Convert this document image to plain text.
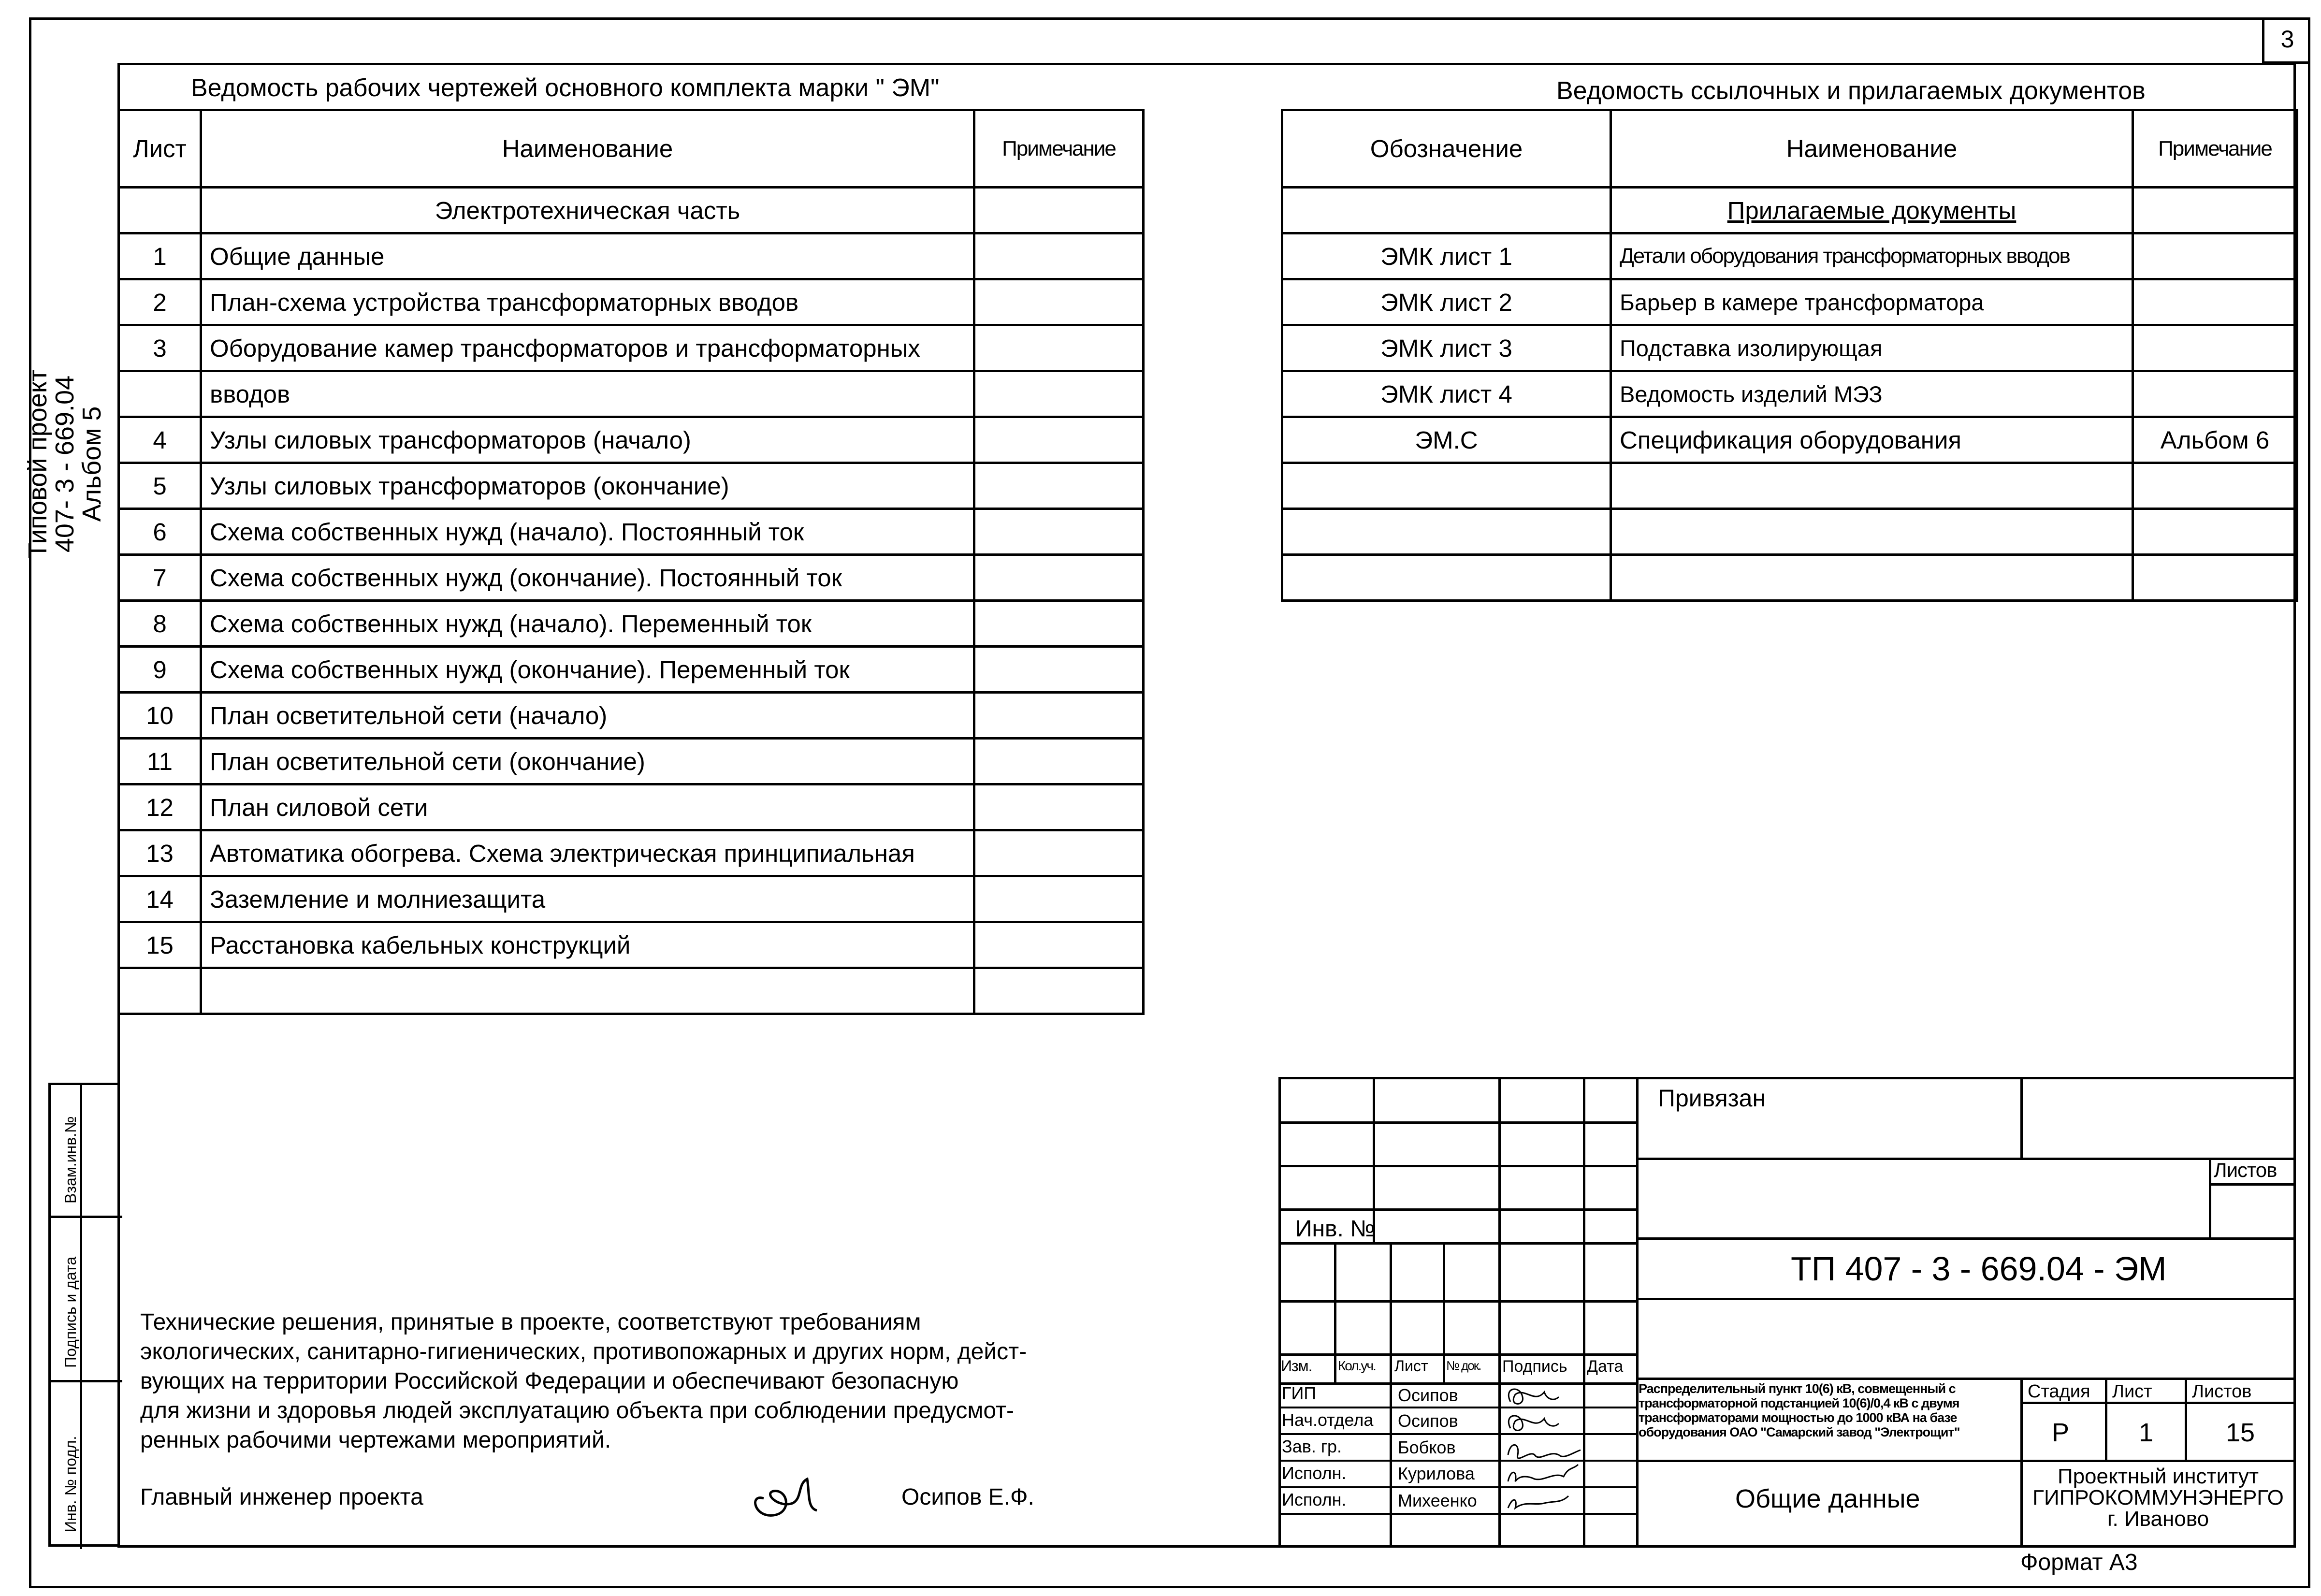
3
Типовой проект
407- 3 - 669.04
Альбом 5
Взам.инв.№
Подпись и дата
Инв. № подл.
Ведомость рабочих чертежей основного комплекта марки " ЭМ"
Лист	Наименование	Примечание
	Электротехническая часть	
1	Общие данные	
2	План-схема устройства трансформаторных вводов	
3	Оборудование камер трансформаторов и трансформаторных	
	вводов	
4	Узлы силовых трансформаторов (начало)	
5	Узлы силовых трансформаторов (окончание)	
6	Схема собственных нужд (начало). Постоянный ток	
7	Схема собственных нужд (окончание). Постоянный ток	
8	Схема собственных нужд (начало). Переменный ток	
9	Схема собственных нужд (окончание). Переменный ток	
10	План осветительной сети (начало)	
11	План осветительной сети (окончание)	
12	План силовой сети	
13	Автоматика обогрева. Схема электрическая принципиальная	
14	Заземление и молниезащита	
15	Расстановка кабельных конструкций	

Ведомость ссылочных и прилагаемых документов
Обозначение	Наименование	Примечание
	Прилагаемые документы	
ЭМК лист 1	Детали оборудования трансформаторных вводов	
ЭМК лист 2	Барьер в камере трансформатора	
ЭМК лист 3	Подставка изолирующая	
ЭМК лист 4	Ведомость изделий МЭЗ	
ЭМ.С	Спецификация оборудования	Альбом 6

Технические решения, принятые в проекте, соответствуют требованиям
экологических, санитарно-гигиенических, противопожарных и других норм, дейст-
вующих на территории Российской Федерации и обеспечивают безопасную
для жизни и здоровья людей эксплуатацию объекта при соблюдении предусмот-
ренных рабочими чертежами мероприятий.
Главный инженер проекта	Осипов Е.Ф.
Инв. №
Изм. Кол.уч. Лист № док. Подпись Дата
ГИП	Осипов
Нач.отдела Осипов
Зав. гр.	Бобков
Исполн.	Курилова
Исполн.	Михеенко
Привязан
Листов
ТП 407 - 3 - 669.04 - ЭМ
Распределительный пункт 10(6) кВ, совмещенный с
трансформаторной подстанцией 10(6)/0,4 кВ с двумя
трансформаторами мощностью до 1000 кВА на базе
оборудования ОАО "Самарский завод "Электрощит"
Общие данные
Стадия Лист Листов
Р	1	15
Проектный институт
ГИПРОКОММУНЭНЕРГО
г. Иваново
Формат А3
